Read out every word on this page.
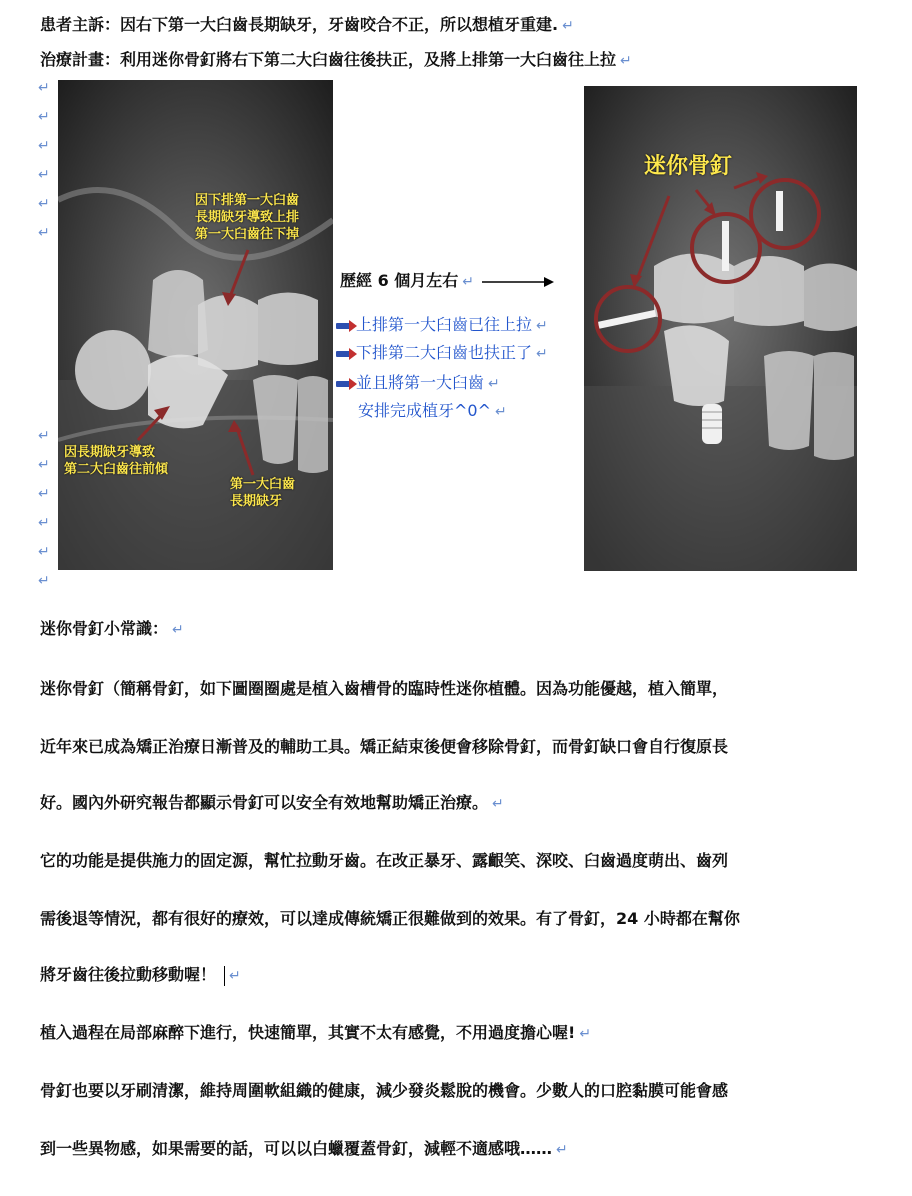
患者主訴：因右下第一大臼齒長期缺牙，牙齒咬合不正，所以想植牙重建. ↵
治療計畫：利用迷你骨釘將右下第二大臼齒往後扶正，及將上排第一大臼齒往上拉 ↵
↵
↵
↵
↵
↵
↵
↵
↵
↵
↵
↵
↵
因下排第一大臼齒
長期缺牙導致上排
第一大臼齒往下掉
因長期缺牙導致
第二大臼齒往前傾
第一大臼齒
長期缺牙
歷經 6 個月左右 ↵
上排第一大臼齒已往上拉 ↵
下排第二大臼齒也扶正了 ↵
並且將第一大臼齒 ↵
安排完成植牙^0^ ↵
迷你骨釘
迷你骨釘小常識： ↵
迷你骨釘（簡稱骨釘，如下圖圈圈處是植入齒槽骨的臨時性迷你植體。因為功能優越，植入簡單，
近年來已成為矯正治療日漸普及的輔助工具。矯正結束後便會移除骨釘，而骨釘缺口會自行復原長
好。國內外研究報告都顯示骨釘可以安全有效地幫助矯正治療。 ↵
它的功能是提供施力的固定源，幫忙拉動牙齒。在改正暴牙、露齦笑、深咬、臼齒過度萌出、齒列
需後退等情況，都有很好的療效，可以達成傳統矯正很難做到的效果。有了骨釘，24 小時都在幫你
將牙齒往後拉動移動喔！ ↵
植入過程在局部麻醉下進行，快速簡單，其實不太有感覺，不用過度擔心喔! ↵
骨釘也要以牙刷清潔，維持周圍軟組織的健康，減少發炎鬆脫的機會。少數人的口腔黏膜可能會感
到一些異物感，如果需要的話，可以以白蠟覆蓋骨釘，減輕不適感哦…… ↵
